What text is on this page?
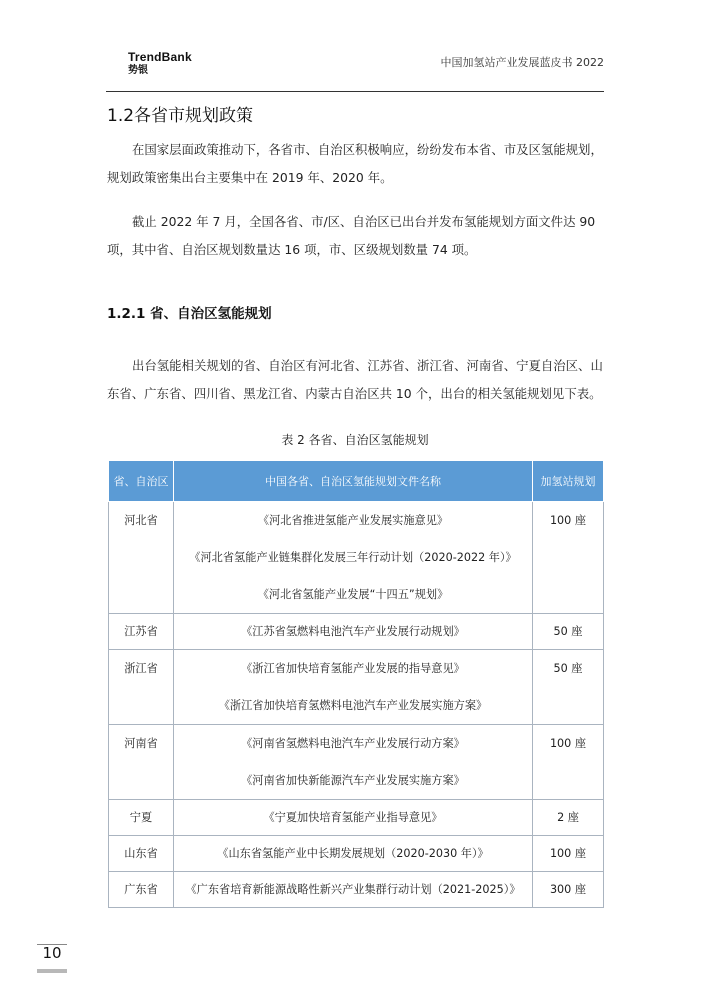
TrendBank
势银
中国加氢站产业发展蓝皮书 2022
1.2各省市规划政策
在国家层面政策推动下，各省市、自治区积极响应，纷纷发布本省、市及区氢能规划，规划政策密集出台主要集中在 2019 年、2020 年。
截止 2022 年 7 月，全国各省、市/区、自治区已出台并发布氢能规划方面文件达 90 项，其中省、自治区规划数量达 16 项，市、区级规划数量 74 项。
1.2.1 省、自治区氢能规划
出台氢能相关规划的省、自治区有河北省、江苏省、浙江省、河南省、宁夏自治区、山东省、广东省、四川省、黑龙江省、内蒙古自治区共 10 个，出台的相关氢能规划见下表。
表 2 各省、自治区氢能规划
省、自治区	中国各省、自治区氢能规划文件名称	加氢站规划
河北省	《河北省推进氢能产业发展实施意见》
《河北省氢能产业链集群化发展三年行动计划（2020-2022 年）》
《河北省氢能产业发展“十四五”规划》	100 座

江苏省	《江苏省氢燃料电池汽车产业发展行动规划》	50 座

浙江省	《浙江省加快培育氢能产业发展的指导意见》
《浙江省加快培育氢燃料电池汽车产业发展实施方案》	50 座
河南省	《河南省氢燃料电池汽车产业发展行动方案》
《河南省加快新能源汽车产业发展实施方案》	100 座

宁夏	《宁夏加快培育氢能产业指导意见》	2 座

山东省	《山东省氢能产业中长期发展规划（2020-2030 年）》	100 座

广东省	《广东省培育新能源战略性新兴产业集群行动计划（2021-2025）》	300 座
10
